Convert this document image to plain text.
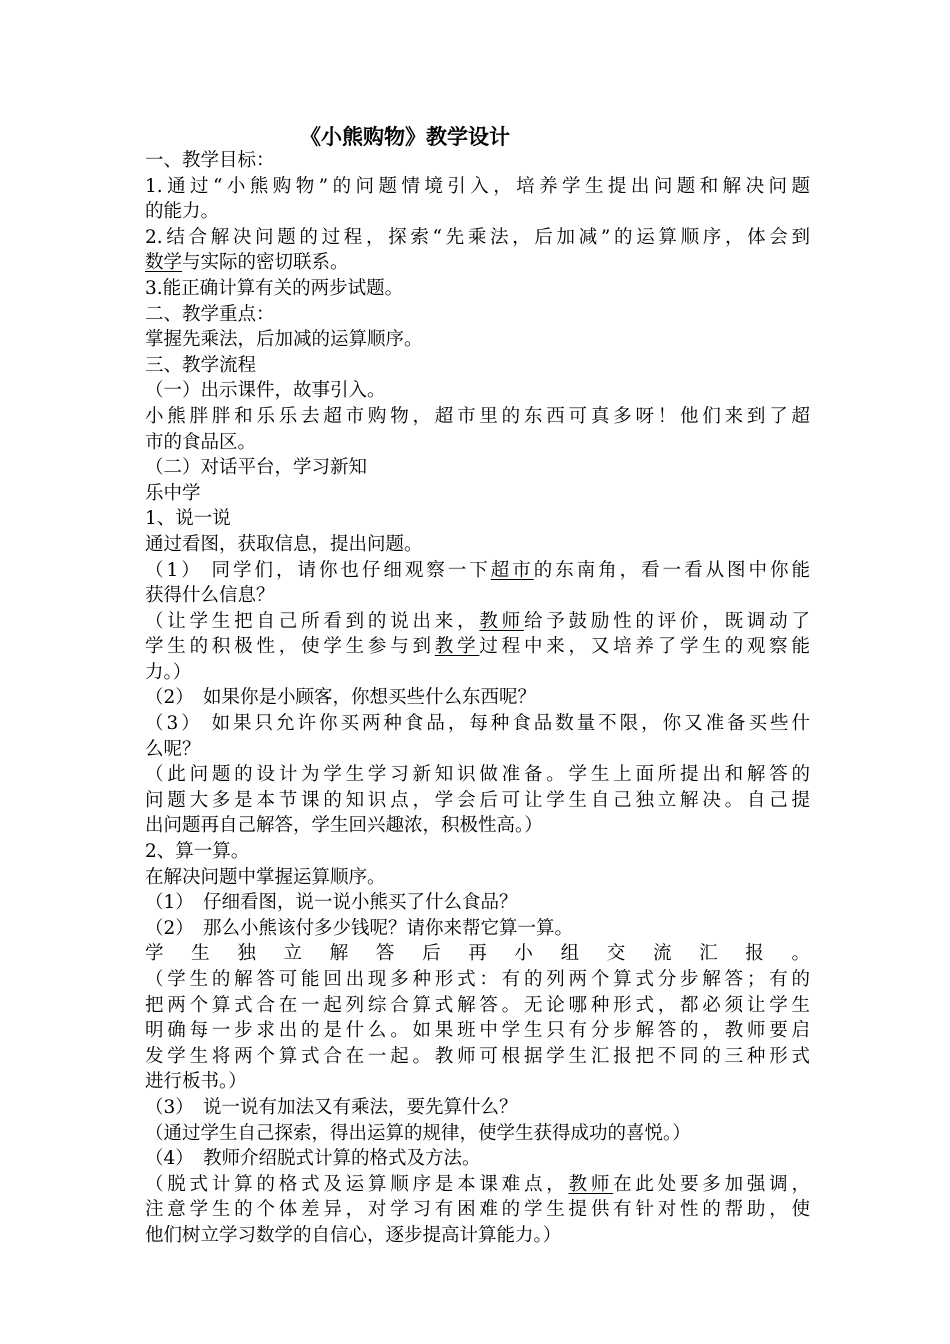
《小熊购物》教学设计

一、教学目标：

1.通过“小熊购物”的问题情境引入，培养学生提出问题和解决问题

的能力。

2.结合解决问题的过程，探索“先乘法，后加减”的运算顺序，体会到

数学与实际的密切联系。

3.能正确计算有关的两步试题。

二、教学重点：

掌握先乘法，后加减的运算顺序。

三、教学流程

（一）出示课件，故事引入。

小熊胖胖和乐乐去超市购物，超市里的东西可真多呀！他们来到了超

市的食品区。

（二）对话平台，学习新知

乐中学

1、说一说

通过看图，获取信息，提出问题。

（1） 同学们，请你也仔细观察一下超市的东南角，看一看从图中你能

获得什么信息？

（让学生把自己所看到的说出来，教师给予鼓励性的评价，既调动了

学生的积极性，使学生参与到教学过程中来，又培养了学生的观察能

力。）

（2）　如果你是小顾客，你想买些什么东西呢？

（3） 如果只允许你买两种食品，每种食品数量不限，你又准备买些什

么呢？

（此问题的设计为学生学习新知识做准备。学生上面所提出和解答的

问题大多是本节课的知识点，学会后可让学生自己独立解决。自己提

出问题再自己解答，学生回兴趣浓，积极性高。）

2、算一算。

在解决问题中掌握运算顺序。

（1）　仔细看图，说一说小熊买了什么食品？

（2）　那么小熊该付多少钱呢？请你来帮它算一算。

学生独立解答后再小组交流汇报。

（学生的解答可能回出现多种形式：有的列两个算式分步解答；有的

把两个算式合在一起列综合算式解答。无论哪种形式，都必须让学生

明确每一步求出的是什么。如果班中学生只有分步解答的，教师要启

发学生将两个算式合在一起。教师可根据学生汇报把不同的三种形式

进行板书。）

（3）　说一说有加法又有乘法，要先算什么？

（通过学生自己探索，得出运算的规律，使学生获得成功的喜悦。）

（4）　教师介绍脱式计算的格式及方法。

（脱式计算的格式及运算顺序是本课难点，教师在此处要多加强调，

注意学生的个体差异，对学习有困难的学生提供有针对性的帮助，使

他们树立学习数学的自信心，逐步提高计算能力。）
